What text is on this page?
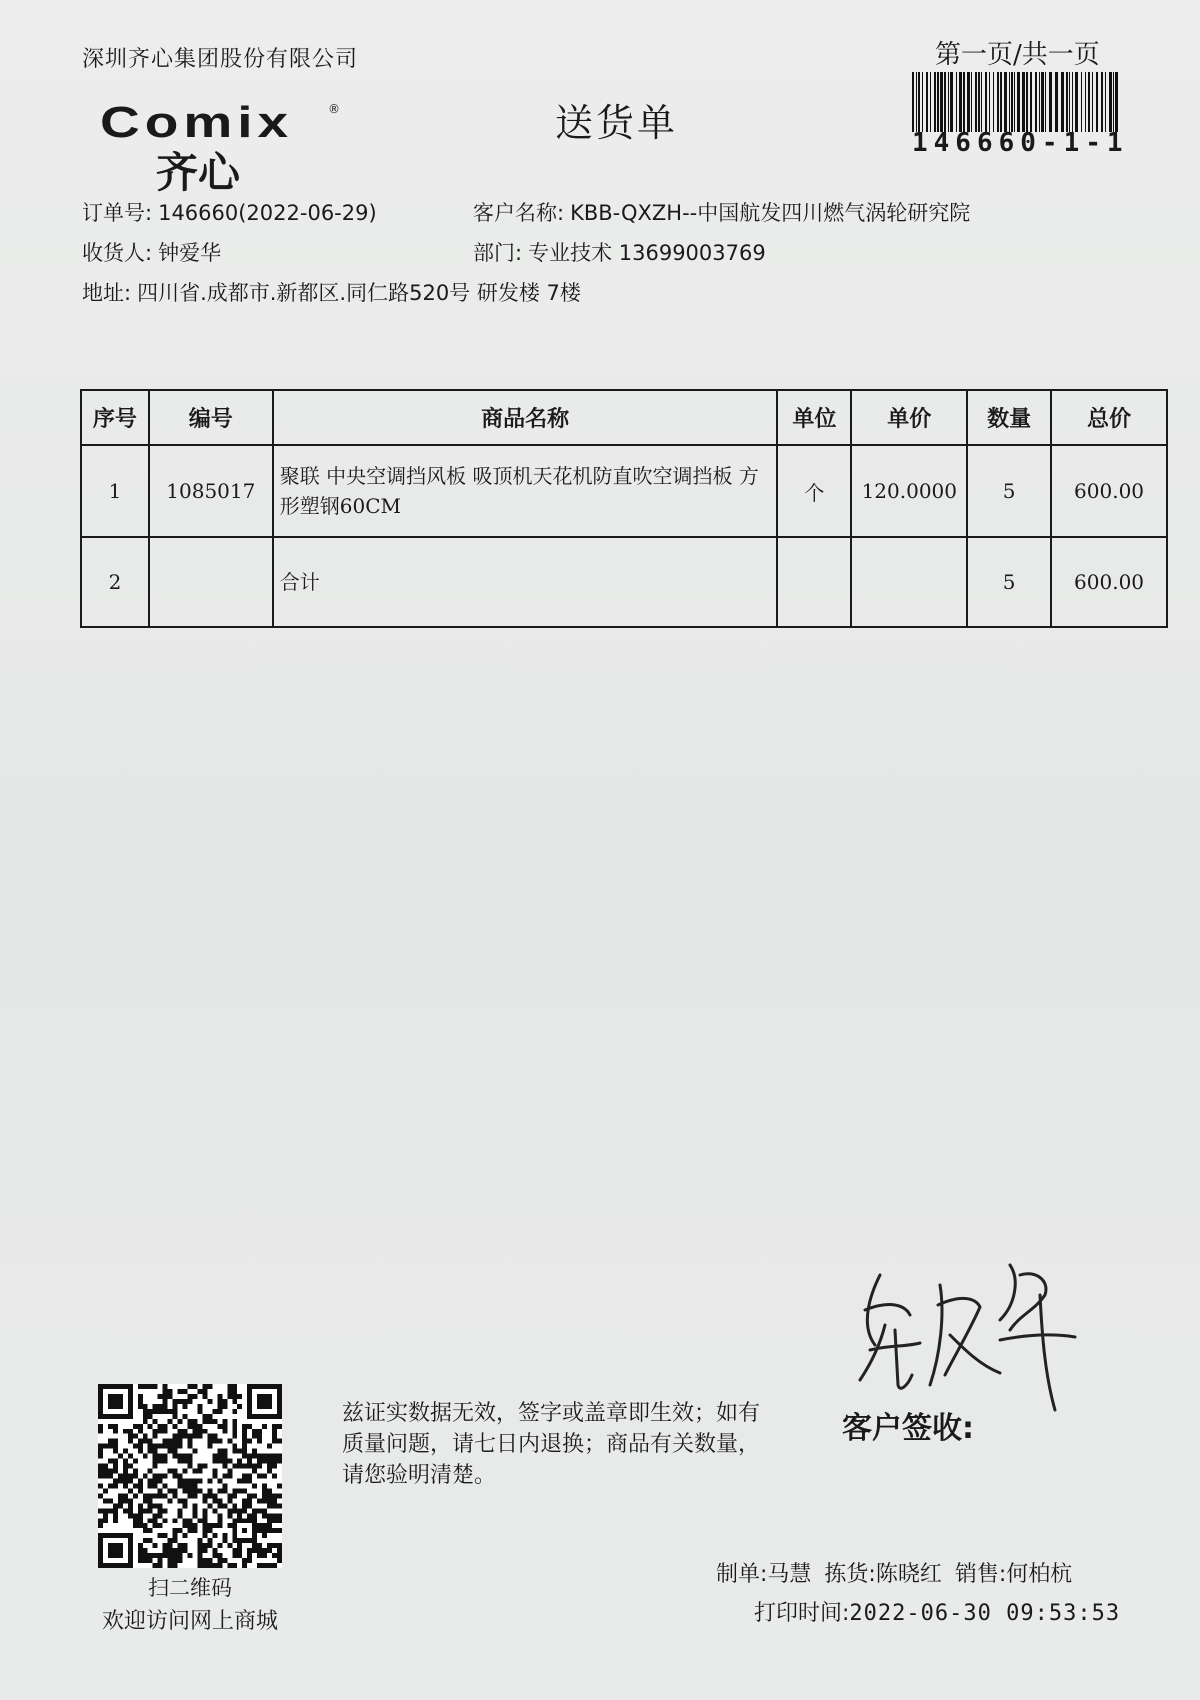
深圳齐心集团股份有限公司	第一页/共一页
146660-1-1
Comix	®
齐心
送货单
订单号: 146660(2022-06-29)	客户名称: KBB-QXZH--中国航发四川燃气涡轮研究院
收货人: 钟爱华	部门: 专业技术 13699003769
地址: 四川省.成都市.新都区.同仁路520号 研发楼 7楼
序号	编号	商品名称	单位	单价	数量	总价
1	1085017	聚联 中央空调挡风板 吸顶机天花机防直吹空调挡板 方形塑钢60CM	个	120.0000	5	600.00
2		合计			5	600.00
兹证实数据无效，签字或盖章即生效；如有质量问题，请七日内退换；商品有关数量，请您验明清楚。
客户签收:
扫二维码
欢迎访问网上商城
制单:马慧 拣货:陈晓红 销售:何柏杭
打印时间:2022-06-30 09:53:53
